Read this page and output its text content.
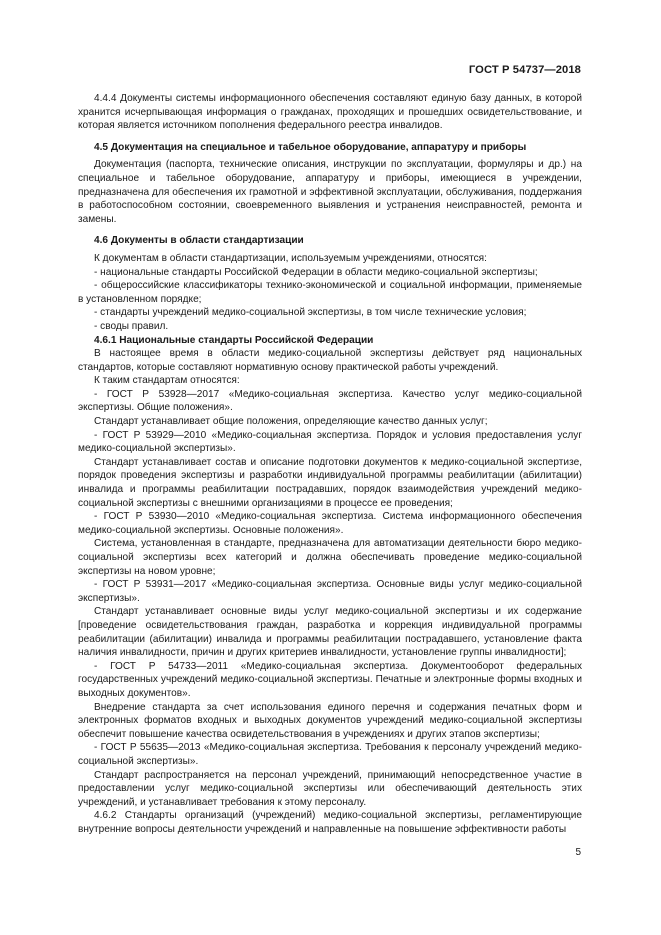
ГОСТ Р 54737—2018

4.4.4 Документы системы информационного обеспечения составляют единую базу данных, в которой хранится исчерпывающая информация о гражданах, проходящих и прошедших освидетельствование, и которая является источником пополнения федерального реестра инвалидов.

4.5 Документация на специальное и табельное оборудование, аппаратуру и приборы

Документация (паспорта, технические описания, инструкции по эксплуатации, формуляры и др.) на специальное и табельное оборудование, аппаратуру и приборы, имеющиеся в учреждении, предназначена для обеспечения их грамотной и эффективной эксплуатации, обслуживания, поддержания в работоспособном состоянии, своевременного выявления и устранения неисправностей, ремонта и замены.

4.6 Документы в области стандартизации

К документам в области стандартизации, используемым учреждениями, относятся:

- национальные стандарты Российской Федерации в области медико-социальной экспертизы;

- общероссийские классификаторы технико-экономической и социальной информации, применяемые в установленном порядке;

- стандарты учреждений медико-социальной экспертизы, в том числе технические условия;

- своды правил.

4.6.1 Национальные стандарты Российской Федерации

В настоящее время в области медико-социальной экспертизы действует ряд национальных стандартов, которые составляют нормативную основу практической работы учреждений.

К таким стандартам относятся:

- ГОСТ Р 53928—2017 «Медико-социальная экспертиза. Качество услуг медико-социальной экспертизы. Общие положения».

Стандарт устанавливает общие положения, определяющие качество данных услуг;

- ГОСТ Р 53929—2010 «Медико-социальная экспертиза. Порядок и условия предоставления услуг медико-социальной экспертизы».

Стандарт устанавливает состав и описание подготовки документов к медико-социальной экспертизе, порядок проведения экспертизы и разработки индивидуальной программы реабилитации (абилитации) инвалида и программы реабилитации пострадавших, порядок взаимодействия учреждений медико-социальной экспертизы с внешними организациями в процессе ее проведения;

- ГОСТ Р 53930—2010 «Медико-социальная экспертиза. Система информационного обеспечения медико-социальной экспертизы. Основные положения».

Система, установленная в стандарте, предназначена для автоматизации деятельности бюро медико-социальной экспертизы всех категорий и должна обеспечивать проведение медико-социальной экспертизы на новом уровне;

- ГОСТ Р 53931—2017 «Медико-социальная экспертиза. Основные виды услуг медико-социальной экспертизы».

Стандарт устанавливает основные виды услуг медико-социальной экспертизы и их содержание [проведение освидетельствования граждан, разработка и коррекция индивидуальной программы реабилитации (абилитации) инвалида и программы реабилитации пострадавшего, установление факта наличия инвалидности, причин и других критериев инвалидности, установление группы инвалидности];

- ГОСТ Р 54733—2011 «Медико-социальная экспертиза. Документооборот федеральных государственных учреждений медико-социальной экспертизы. Печатные и электронные формы входных и выходных документов».

Внедрение стандарта за счет использования единого перечня и содержания печатных форм и электронных форматов входных и выходных документов учреждений медико-социальной экспертизы обеспечит повышение качества освидетельствования в учреждениях и других этапов экспертизы;

- ГОСТ Р 55635—2013 «Медико-социальная экспертиза. Требования к персоналу учреждений медико-социальной экспертизы».

Стандарт распространяется на персонал учреждений, принимающий непосредственное участие в предоставлении услуг медико-социальной экспертизы или обеспечивающий деятельность этих учреждений, и устанавливает требования к этому персоналу.

4.6.2 Стандарты организаций (учреждений) медико-социальной экспертизы, регламентирующие внутренние вопросы деятельности учреждений и направленные на повышение эффективности работы

5
